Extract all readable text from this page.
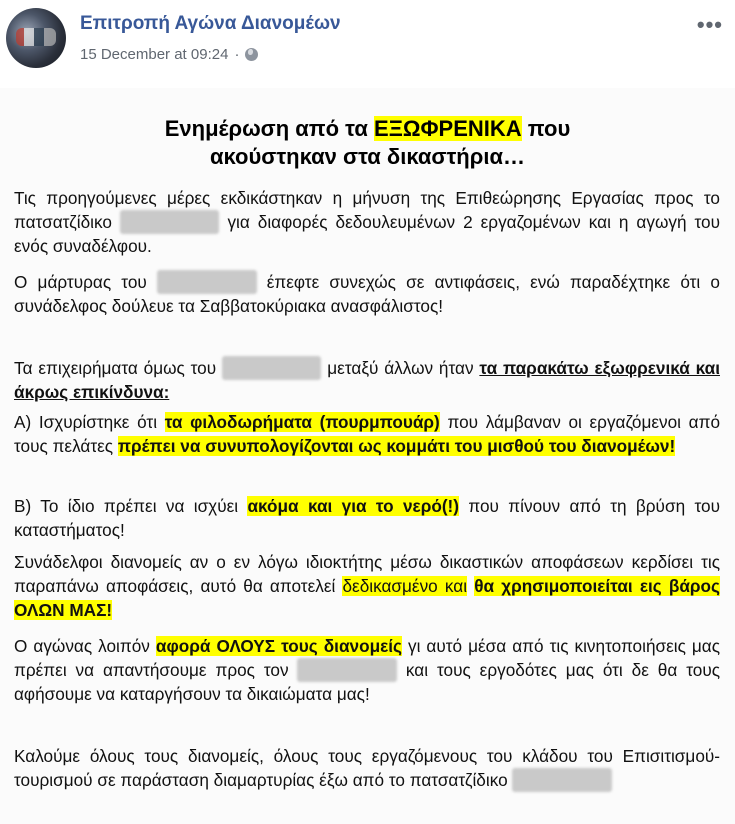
Επιτροπή Αγώνα Διανομέων
15 December at 09:24 ·
•••
Ενημέρωση από τα ΕΞΩΦΡΕΝΙΚΑ που
ακούστηκαν στα δικαστήρια…
Τις προηγούμενες μέρες εκδικάστηκαν η μήνυση της Επιθεώρησης Εργασίας προς το πατσατζίδικο	για διαφορές δεδουλευμένων 2 εργαζομένων και η αγωγή του ενός συναδέλφου.
Ο μάρτυρας του	έπεφτε συνεχώς σε αντιφάσεις, ενώ παραδέχτηκε ότι ο συνάδελφος δούλευε τα Σαββατοκύριακα ανασφάλιστος!
Τα επιχειρήματα όμως του	μεταξύ άλλων ήταν τα παρακάτω εξωφρενικά και άκρως επικίνδυνα:
Α) Ισχυρίστηκε ότι τα φιλοδωρήματα (πουρμπουάρ) που λάμβαναν οι εργαζόμενοι από τους πελάτες πρέπει να συνυπολογίζονται ως κομμάτι του μισθού του διανομέων!
Β) Το ίδιο πρέπει να ισχύει ακόμα και για το νερό(!) που πίνουν από τη βρύση του καταστήματος!
Συνάδελφοι διανομείς αν ο εν λόγω ιδιοκτήτης μέσω δικαστικών αποφάσεων κερδίσει τις παραπάνω αποφάσεις, αυτό θα αποτελεί δεδικασμένο και θα χρησιμοποιείται εις βάρος ΟΛΩΝ ΜΑΣ!
Ο αγώνας λοιπόν αφορά ΟΛΟΥΣ τους διανομείς γι αυτό μέσα από τις κινητοποιήσεις μας πρέπει να απαντήσουμε προς τον	και τους εργοδότες μας ότι δε θα τους αφήσουμε να καταργήσουν τα δικαιώματα μας!
Καλούμε όλους τους διανομείς, όλους τους εργαζόμενους του κλάδου του Επισιτισμού-τουρισμού σε παράσταση διαμαρτυρίας έξω από το πατσατζίδικο
